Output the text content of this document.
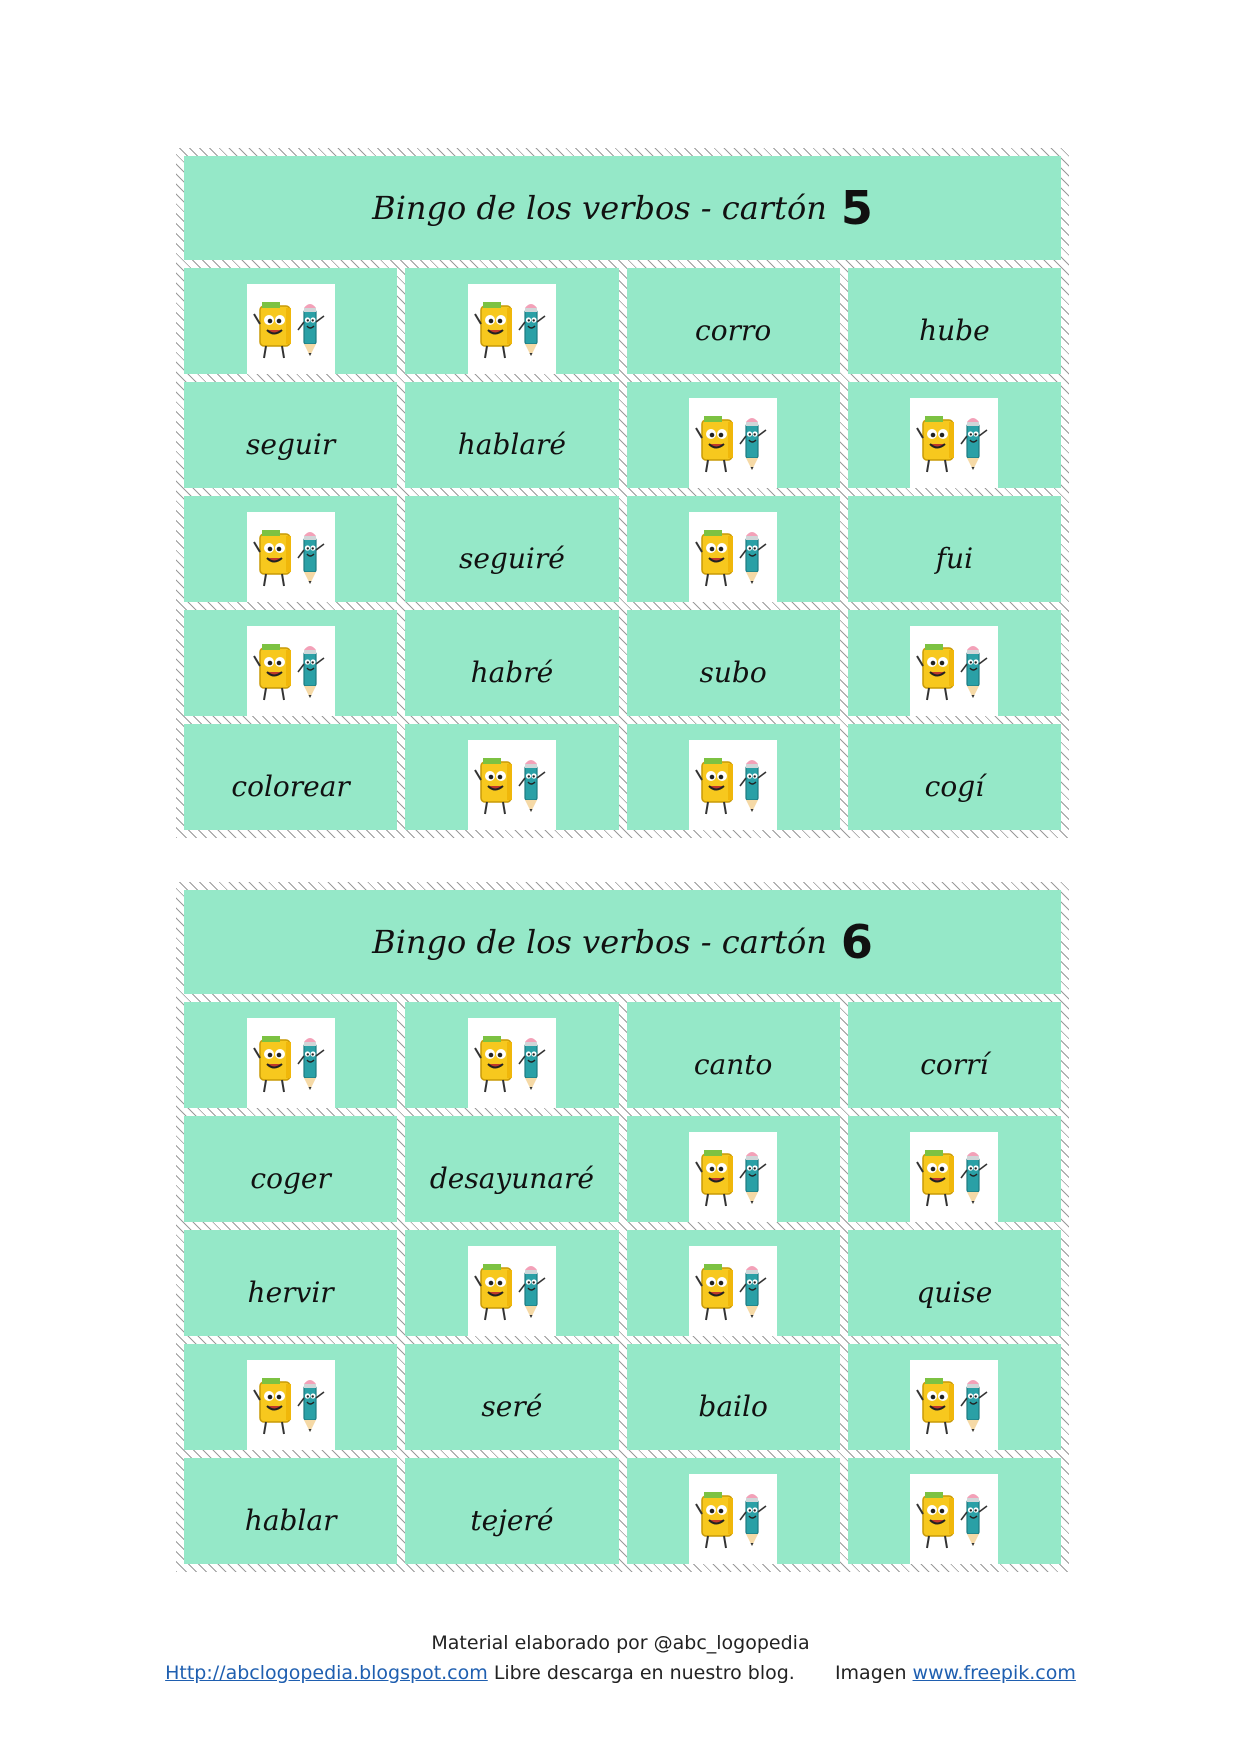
Bingo de los verbos - cartón 5
corro	hube
seguir	hablaré
seguiré	fui
habré	subo
colorear	cogí
Bingo de los verbos - cartón 6
canto	corrí
coger	desayunaré
hervir	quise
seré	bailo
hablar	tejeré
Material elaborado por @abc_logopedia
Http://abclogopedia.blogspot.com Libre descarga en nuestro blog. Imagen www.freepik.com
